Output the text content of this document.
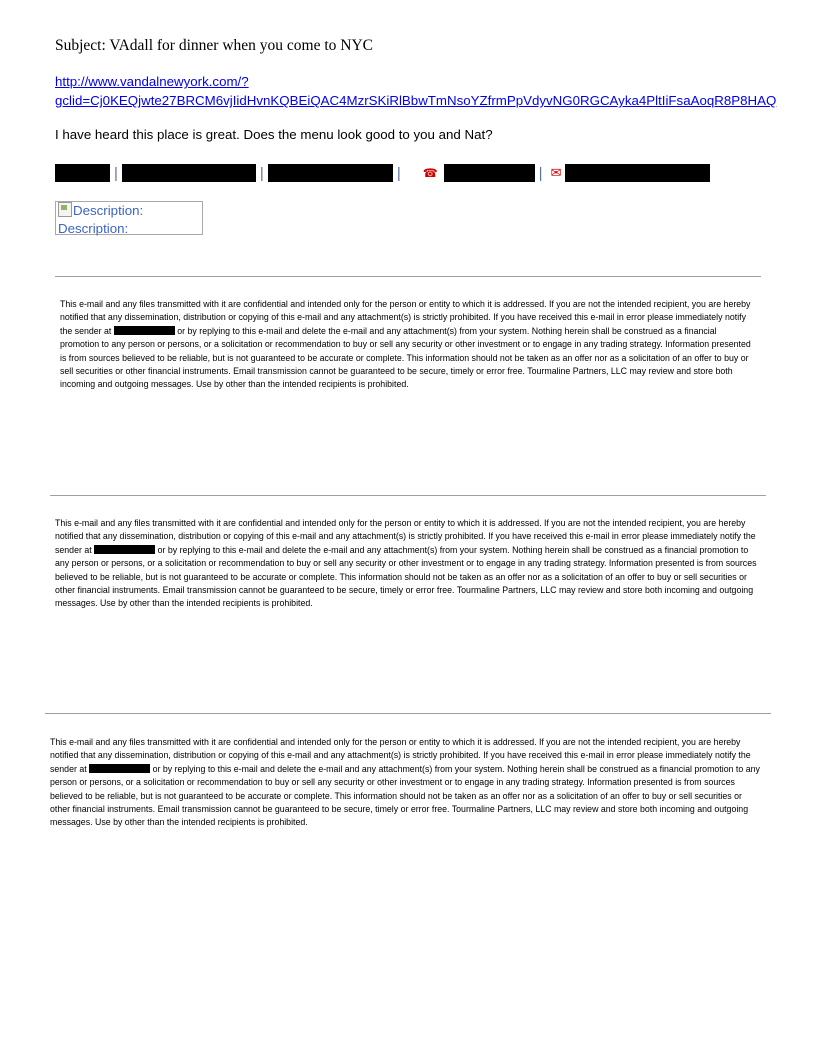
Subject: VAdall for dinner when you come to NYC
http://www.vandalnewyork.com/?
gclid=Cj0KEQjwte27BRCM6vjIidHvnKQBEiQAC4MzrSKiRlBbwTmNsoYZfrmPpVdyvNG0RGCAyka4PltIiFsaAoqR8P8HAQ
I have heard this place is great. Does the menu look good to you and Nat?
|	|	| ☎	| ✉
Description:
Description:
This e-mail and any files transmitted with it are confidential and intended only for the person or entity to which it is addressed. If you are not the intended recipient, you are hereby notified that any dissemination, distribution or copying of this e-mail and any attachment(s) is strictly prohibited. If you have received this e-mail in error please immediately notify the sender at	or by replying to this e-mail and delete the e-mail and any attachment(s) from your system. Nothing herein shall be construed as a financial promotion to any person or persons, or a solicitation or recommendation to buy or sell any security or other investment or to engage in any trading strategy. Information presented is from sources believed to be reliable, but is not guaranteed to be accurate or complete. This information should not be taken as an offer nor as a solicitation of an offer to buy or sell securities or other financial instruments. Email transmission cannot be guaranteed to be secure, timely or error free. Tourmaline Partners, LLC may review and store both incoming and outgoing messages. Use by other than the intended recipients is prohibited.
This e-mail and any files transmitted with it are confidential and intended only for the person or entity to which it is addressed. If you are not the intended recipient, you are hereby notified that any dissemination, distribution or copying of this e-mail and any attachment(s) is strictly prohibited. If you have received this e-mail in error please immediately notify the sender at	or by replying to this e-mail and delete the e-mail and any attachment(s) from your system. Nothing herein shall be construed as a financial promotion to any person or persons, or a solicitation or recommendation to buy or sell any security or other investment or to engage in any trading strategy. Information presented is from sources believed to be reliable, but is not guaranteed to be accurate or complete. This information should not be taken as an offer nor as a solicitation of an offer to buy or sell securities or other financial instruments. Email transmission cannot be guaranteed to be secure, timely or error free. Tourmaline Partners, LLC may review and store both incoming and outgoing messages. Use by other than the intended recipients is prohibited.
This e-mail and any files transmitted with it are confidential and intended only for the person or entity to which it is addressed. If you are not the intended recipient, you are hereby notified that any dissemination, distribution or copying of this e-mail and any attachment(s) is strictly prohibited. If you have received this e-mail in error please immediately notify the sender at	or by replying to this e-mail and delete the e-mail and any attachment(s) from your system. Nothing herein shall be construed as a financial promotion to any person or persons, or a solicitation or recommendation to buy or sell any security or other investment or to engage in any trading strategy. Information presented is from sources believed to be reliable, but is not guaranteed to be accurate or complete. This information should not be taken as an offer nor as a solicitation of an offer to buy or sell securities or other financial instruments. Email transmission cannot be guaranteed to be secure, timely or error free. Tourmaline Partners, LLC may review and store both incoming and outgoing messages. Use by other than the intended recipients is prohibited.
